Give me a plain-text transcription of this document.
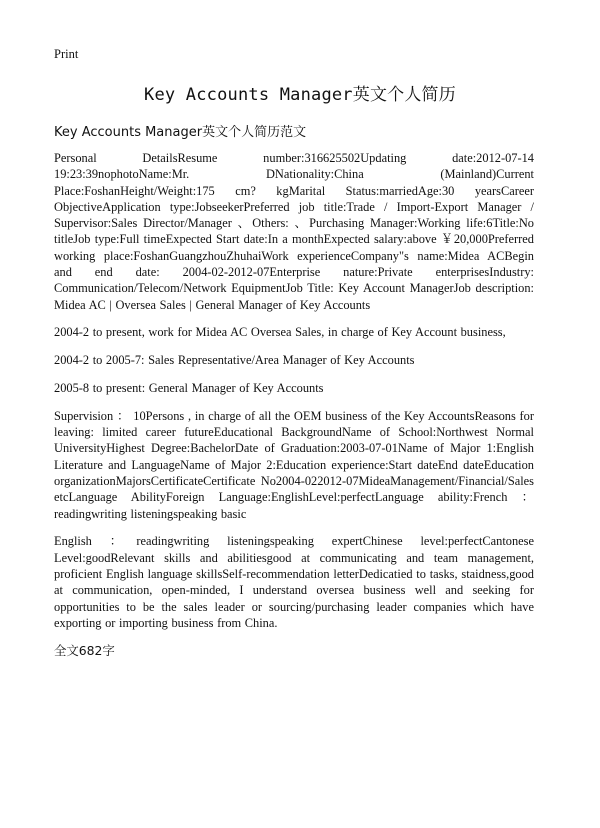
Print
Key Accounts Manager英文个人简历
Key Accounts Manager英文个人简历范文

Personal DetailsResume number:316625502Updating date:2012-07-14 19:23:39nophotoName:Mr. DNationality:China (Mainland)Current Place:FoshanHeight/Weight:175 cm? kgMarital Status:marriedAge:30 yearsCareer ObjectiveApplication type:JobseekerPreferred job title:Trade / Import-Export Manager / Supervisor:Sales Director/Manager 、Others: 、Purchasing Manager:Working life:6Title:No titleJob type:Full timeExpected Start date:In a monthExpected salary:above ￥20,000Preferred working place:FoshanGuangzhouZhuhaiWork experienceCompany"s name:Midea ACBegin and end date: 2004-02-2012-07Enterprise nature:Private enterprisesIndustry: Communication/Telecom/Network EquipmentJob Title: Key Account ManagerJob description: Midea AC | Oversea Sales | General Manager of Key Accounts

2004-2 to present, work for Midea AC Oversea Sales, in charge of Key Account business,

2004-2 to 2005-7: Sales Representative/Area Manager of Key Accounts

2005-8 to present: General Manager of Key Accounts

Supervision ： 10Persons , in charge of all the OEM business of the Key AccountsReasons for leaving: limited career futureEducational BackgroundName of School:Northwest Normal UniversityHighest Degree:BachelorDate of Graduation:2003-07-01Name of Major 1:English Literature and LanguageName of Major 2:Education experience:Start dateEnd dateEducation organizationMajorsCertificateCertificate No2004-022012-07MideaManagement/Financial/Sales etcLanguage AbilityForeign Language:EnglishLevel:perfectLanguage ability:French ：readingwriting listeningspeaking basic

English ：readingwriting listeningspeaking expertChinese level:perfectCantonese Level:goodRelevant skills and abilitiesgood at communicating and team management, proficient English language skillsSelf-recommendation letterDedicatied to tasks, staidness,good at communication, open-minded, I understand oversea business well and seeking for opportunities to be the sales leader or sourcing/purchasing leader companies which have exporting or importing business from China.

全文682字
